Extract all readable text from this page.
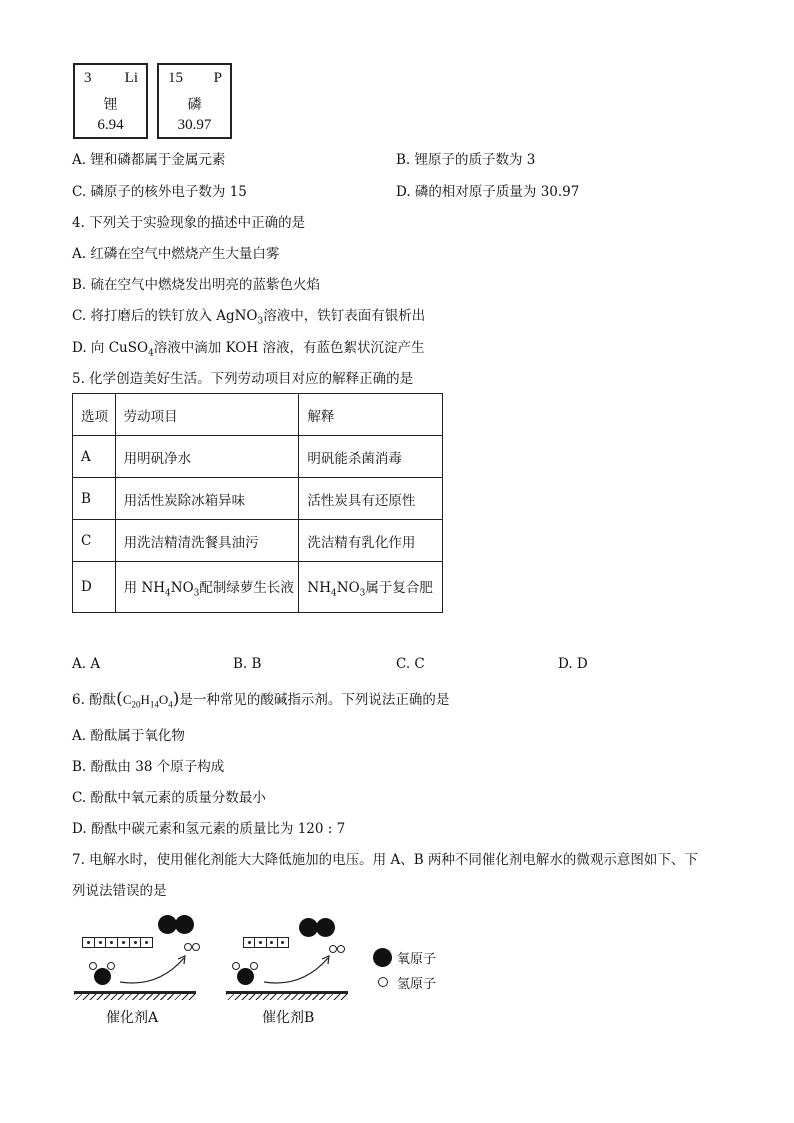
3 Li
锂
6.94
15 P
磷
30.97
A. 锂和磷都属于金属元素	B. 锂原子的质子数为 3
C. 磷原子的核外电子数为 15	D. 磷的相对原子质量为 30.97
4. 下列关于实验现象的描述中正确的是
A. 红磷在空气中燃烧产生大量白雾
B. 硫在空气中燃烧发出明亮的蓝紫色火焰
C. 将打磨后的铁钉放入 AgNO$_3$溶液中，铁钉表面有银析出
D. 向 CuSO$_4$溶液中滴加 KOH 溶液，有蓝色絮状沉淀产生
5. 化学创造美好生活。下列劳动项目对应的解释正确的是
选项	劳动项目	解释
A	用明矾净水	明矾能杀菌消毒
B	用活性炭除冰箱异味	活性炭具有还原性
C	用洗洁精清洗餐具油污	洗洁精有乳化作用
D	用 $NH_4NO_3$配制绿萝生长液	$NH_4NO_3$属于复合肥
A. A	B. B	C. C	D. D
6. 酚酞$(C_{20}H_{14}O_4)$是一种常见的酸碱指示剂。下列说法正确的是
A. 酚酞属于氧化物
B. 酚酞由 38 个原子构成
C. 酚酞中氧元素的质量分数最小
D. 酚酞中碳元素和氢元素的质量比为 120 : 7
7. 电解水时，使用催化剂能大大降低施加的电压。用 A、B 两种不同催化剂电解水的微观示意图如下、下
列说法错误的是
催化剂A	催化剂B
氧原子
氢原子
